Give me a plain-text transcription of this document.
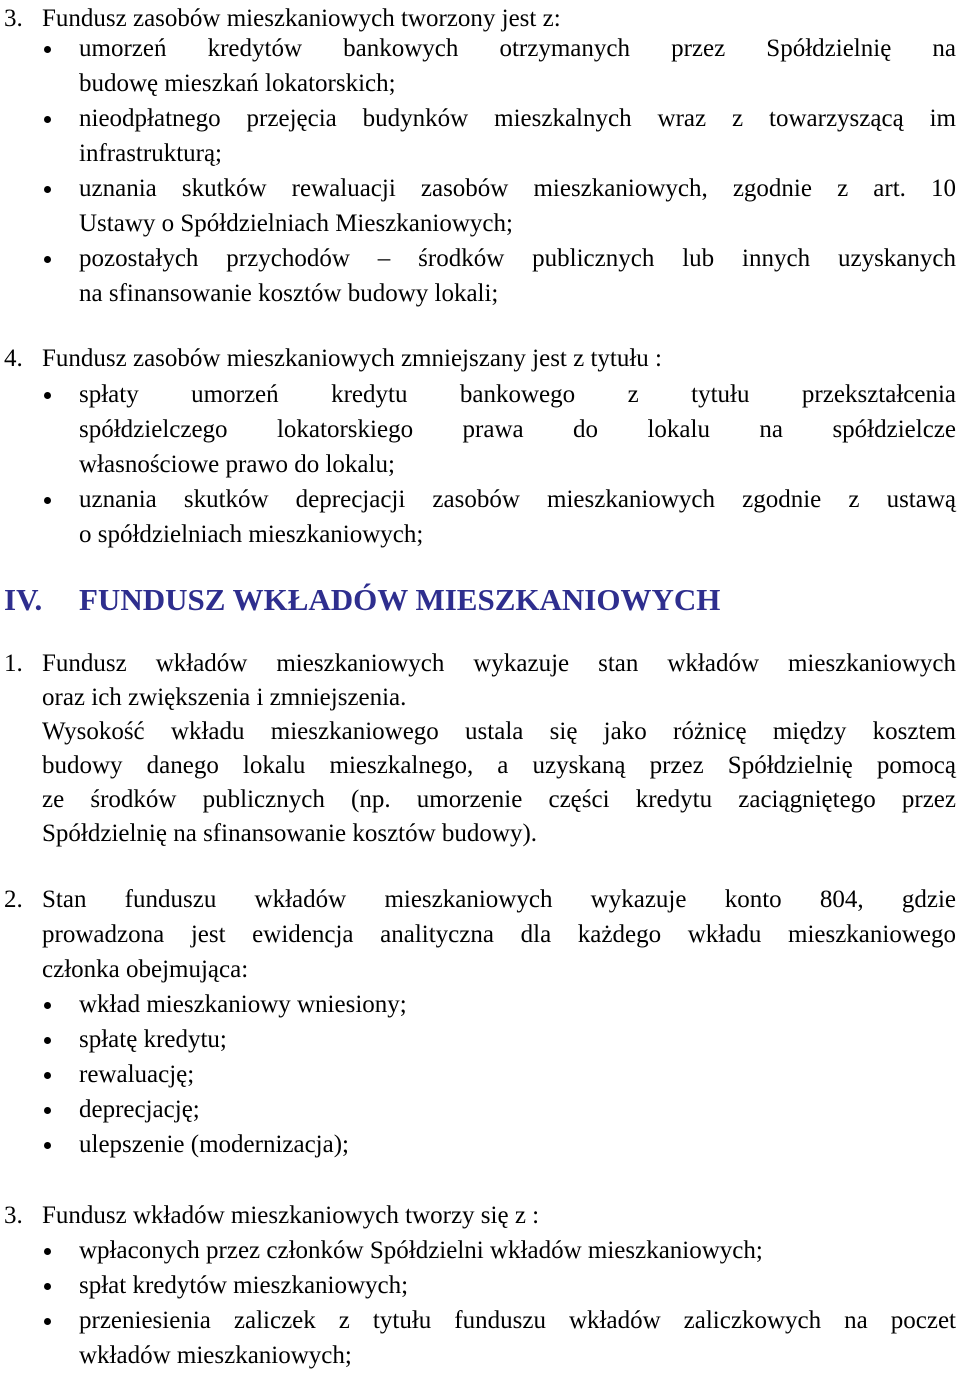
3. Fundusz zasobów mieszkaniowych tworzony jest z:
umorzeń kredytów bankowych otrzymanych przez Spółdzielnię na
budowę mieszkań lokatorskich;
nieodpłatnego przejęcia budynków mieszkalnych wraz z towarzyszącą im
infrastrukturą;
uznania skutków rewaluacji zasobów mieszkaniowych, zgodnie z art. 10
Ustawy o Spółdzielniach Mieszkaniowych;
pozostałych przychodów – środków publicznych lub innych uzyskanych
na sfinansowanie kosztów budowy lokali;
4. Fundusz zasobów mieszkaniowych zmniejszany jest z tytułu :
spłaty umorzeń kredytu bankowego z tytułu przekształcenia
spółdzielczego lokatorskiego prawa do lokalu na spółdzielcze
własnościowe prawo do lokalu;
uznania skutków deprecjacji zasobów mieszkaniowych zgodnie z ustawą
o spółdzielniach mieszkaniowych;
IV. FUNDUSZ WKŁADÓW MIESZKANIOWYCH
1. Fundusz wkładów mieszkaniowych wykazuje stan wkładów mieszkaniowych
oraz ich zwiększenia i zmniejszenia.
Wysokość wkładu mieszkaniowego ustala się jako różnicę między kosztem
budowy danego lokalu mieszkalnego, a uzyskaną przez Spółdzielnię pomocą
ze środków publicznych (np. umorzenie części kredytu zaciągniętego przez
Spółdzielnię na sfinansowanie kosztów budowy).
2. Stan funduszu wkładów mieszkaniowych wykazuje konto 804, gdzie
prowadzona jest ewidencja analityczna dla każdego wkładu mieszkaniowego
członka obejmująca:
wkład mieszkaniowy wniesiony;
spłatę kredytu;
rewaluację;
deprecjację;
ulepszenie (modernizacja);
3. Fundusz wkładów mieszkaniowych tworzy się z :
wpłaconych przez członków Spółdzielni wkładów mieszkaniowych;
spłat kredytów mieszkaniowych;
przeniesienia zaliczek z tytułu funduszu wkładów zaliczkowych na poczet
wkładów mieszkaniowych;
